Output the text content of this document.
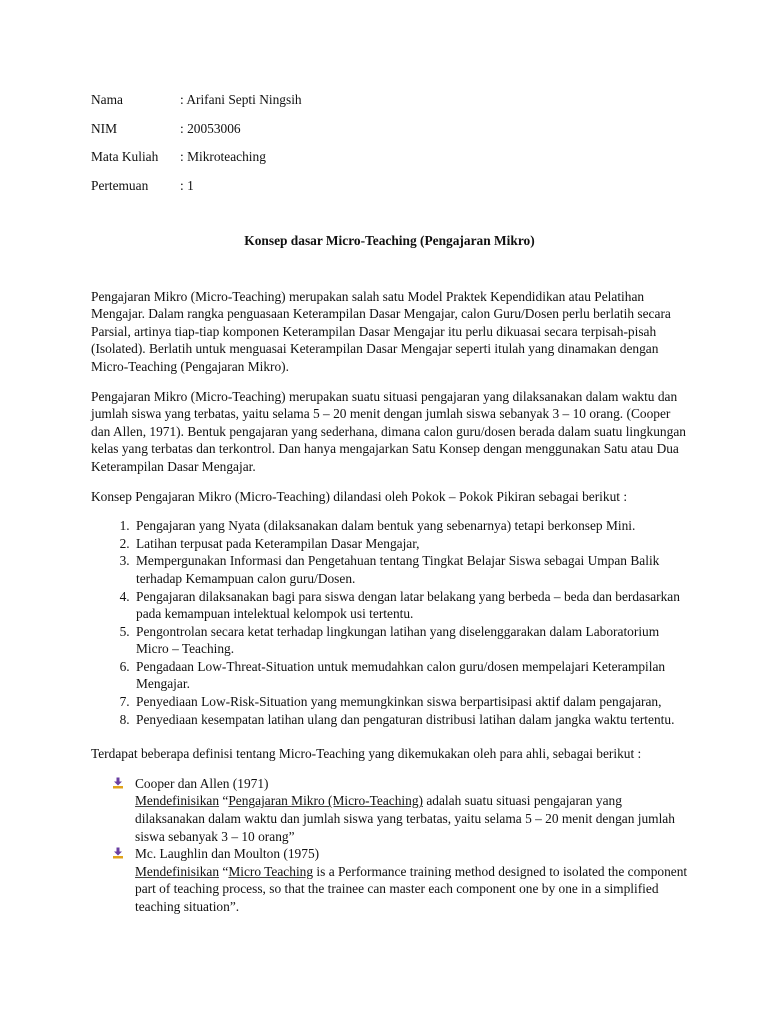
Nama	: Arifani Septi Ningsih
NIM	: 20053006
Mata Kuliah	: Mikroteaching
Pertemuan	: 1
Konsep dasar Micro-Teaching (Pengajaran Mikro)

Pengajaran Mikro (Micro-Teaching) merupakan salah satu Model Praktek Kependidikan atau Pelatihan Mengajar. Dalam rangka penguasaan Keterampilan Dasar Mengajar, calon Guru/Dosen perlu berlatih secara Parsial, artinya tiap-tiap komponen Keterampilan Dasar Mengajar itu perlu dikuasai secara terpisah-pisah (Isolated). Berlatih untuk menguasai Keterampilan Dasar Mengajar seperti itulah yang dinamakan dengan Micro-Teaching (Pengajaran Mikro).

Pengajaran Mikro (Micro-Teaching) merupakan suatu situasi pengajaran yang dilaksanakan dalam waktu dan jumlah siswa yang terbatas, yaitu selama 5 – 20 menit dengan jumlah siswa sebanyak 3 – 10 orang. (Cooper dan Allen, 1971). Bentuk pengajaran yang sederhana, dimana calon guru/dosen berada dalam suatu lingkungan kelas yang terbatas dan terkontrol. Dan hanya mengajarkan Satu Konsep dengan menggunakan Satu atau Dua Keterampilan Dasar Mengajar.

Konsep Pengajaran Mikro (Micro-Teaching) dilandasi oleh Pokok – Pokok Pikiran sebagai berikut :

1. Pengajaran yang Nyata (dilaksanakan dalam bentuk yang sebenarnya) tetapi berkonsep Mini.
2. Latihan terpusat pada Keterampilan Dasar Mengajar,
3. Mempergunakan Informasi dan Pengetahuan tentang Tingkat Belajar Siswa sebagai Umpan Balik terhadap Kemampuan calon guru/Dosen.
4. Pengajaran dilaksanakan bagi para siswa dengan latar belakang yang berbeda – beda dan berdasarkan pada kemampuan intelektual kelompok usi tertentu.
5. Pengontrolan secara ketat terhadap lingkungan latihan yang diselenggarakan dalam Laboratorium Micro – Teaching.
6. Pengadaan Low-Threat-Situation untuk memudahkan calon guru/dosen mempelajari Keterampilan Mengajar.
7. Penyediaan Low-Risk-Situation yang memungkinkan siswa berpartisipasi aktif dalam pengajaran,
8. Penyediaan kesempatan latihan ulang dan pengaturan distribusi latihan dalam jangka waktu tertentu.

Terdapat beberapa definisi tentang Micro-Teaching yang dikemukakan oleh para ahli, sebagai berikut :

Cooper dan Allen (1971)
Mendefinisikan “Pengajaran Mikro (Micro-Teaching) adalah suatu situasi pengajaran yang dilaksanakan dalam waktu dan jumlah siswa yang terbatas, yaitu selama 5 – 20 menit dengan jumlah siswa sebanyak 3 – 10 orang”
Mc. Laughlin dan Moulton (1975)
Mendefinisikan “Micro Teaching is a Performance training method designed to isolated the component part of teaching process, so that the trainee can master each component one by one in a simplified teaching situation”.
